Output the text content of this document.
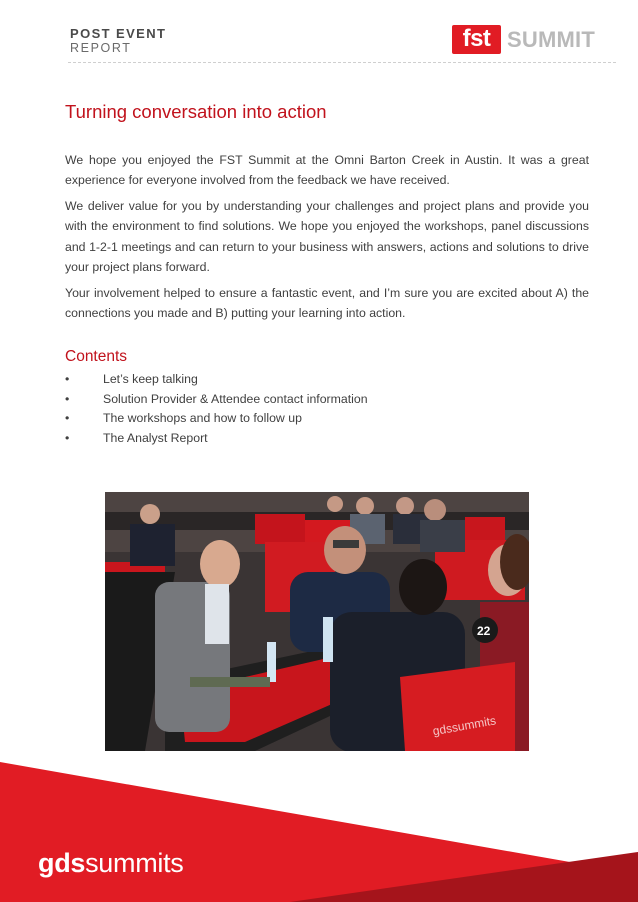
POST EVENT
REPORT	fst SUMMIT
Turning conversation into action

We hope you enjoyed the FST Summit at the Omni Barton Creek in Austin. It was a great experience for everyone involved from the feedback we have received.

We deliver value for you by understanding your challenges and project plans and provide you with the environment to find solutions. We hope you enjoyed the workshops, panel discussions and 1-2-1 meetings and can return to your business with answers, actions and solutions to drive your project plans forward.

Your involvement helped to ensure a fantastic event, and I’m sure you are excited about A) the connections you made and B) putting your learning into action.

Contents
•	Let’s keep talking
•	Solution Provider & Attendee contact information
•	The workshops and how to follow up
•	The Analyst Report
gdssummits
22
gdssummits
